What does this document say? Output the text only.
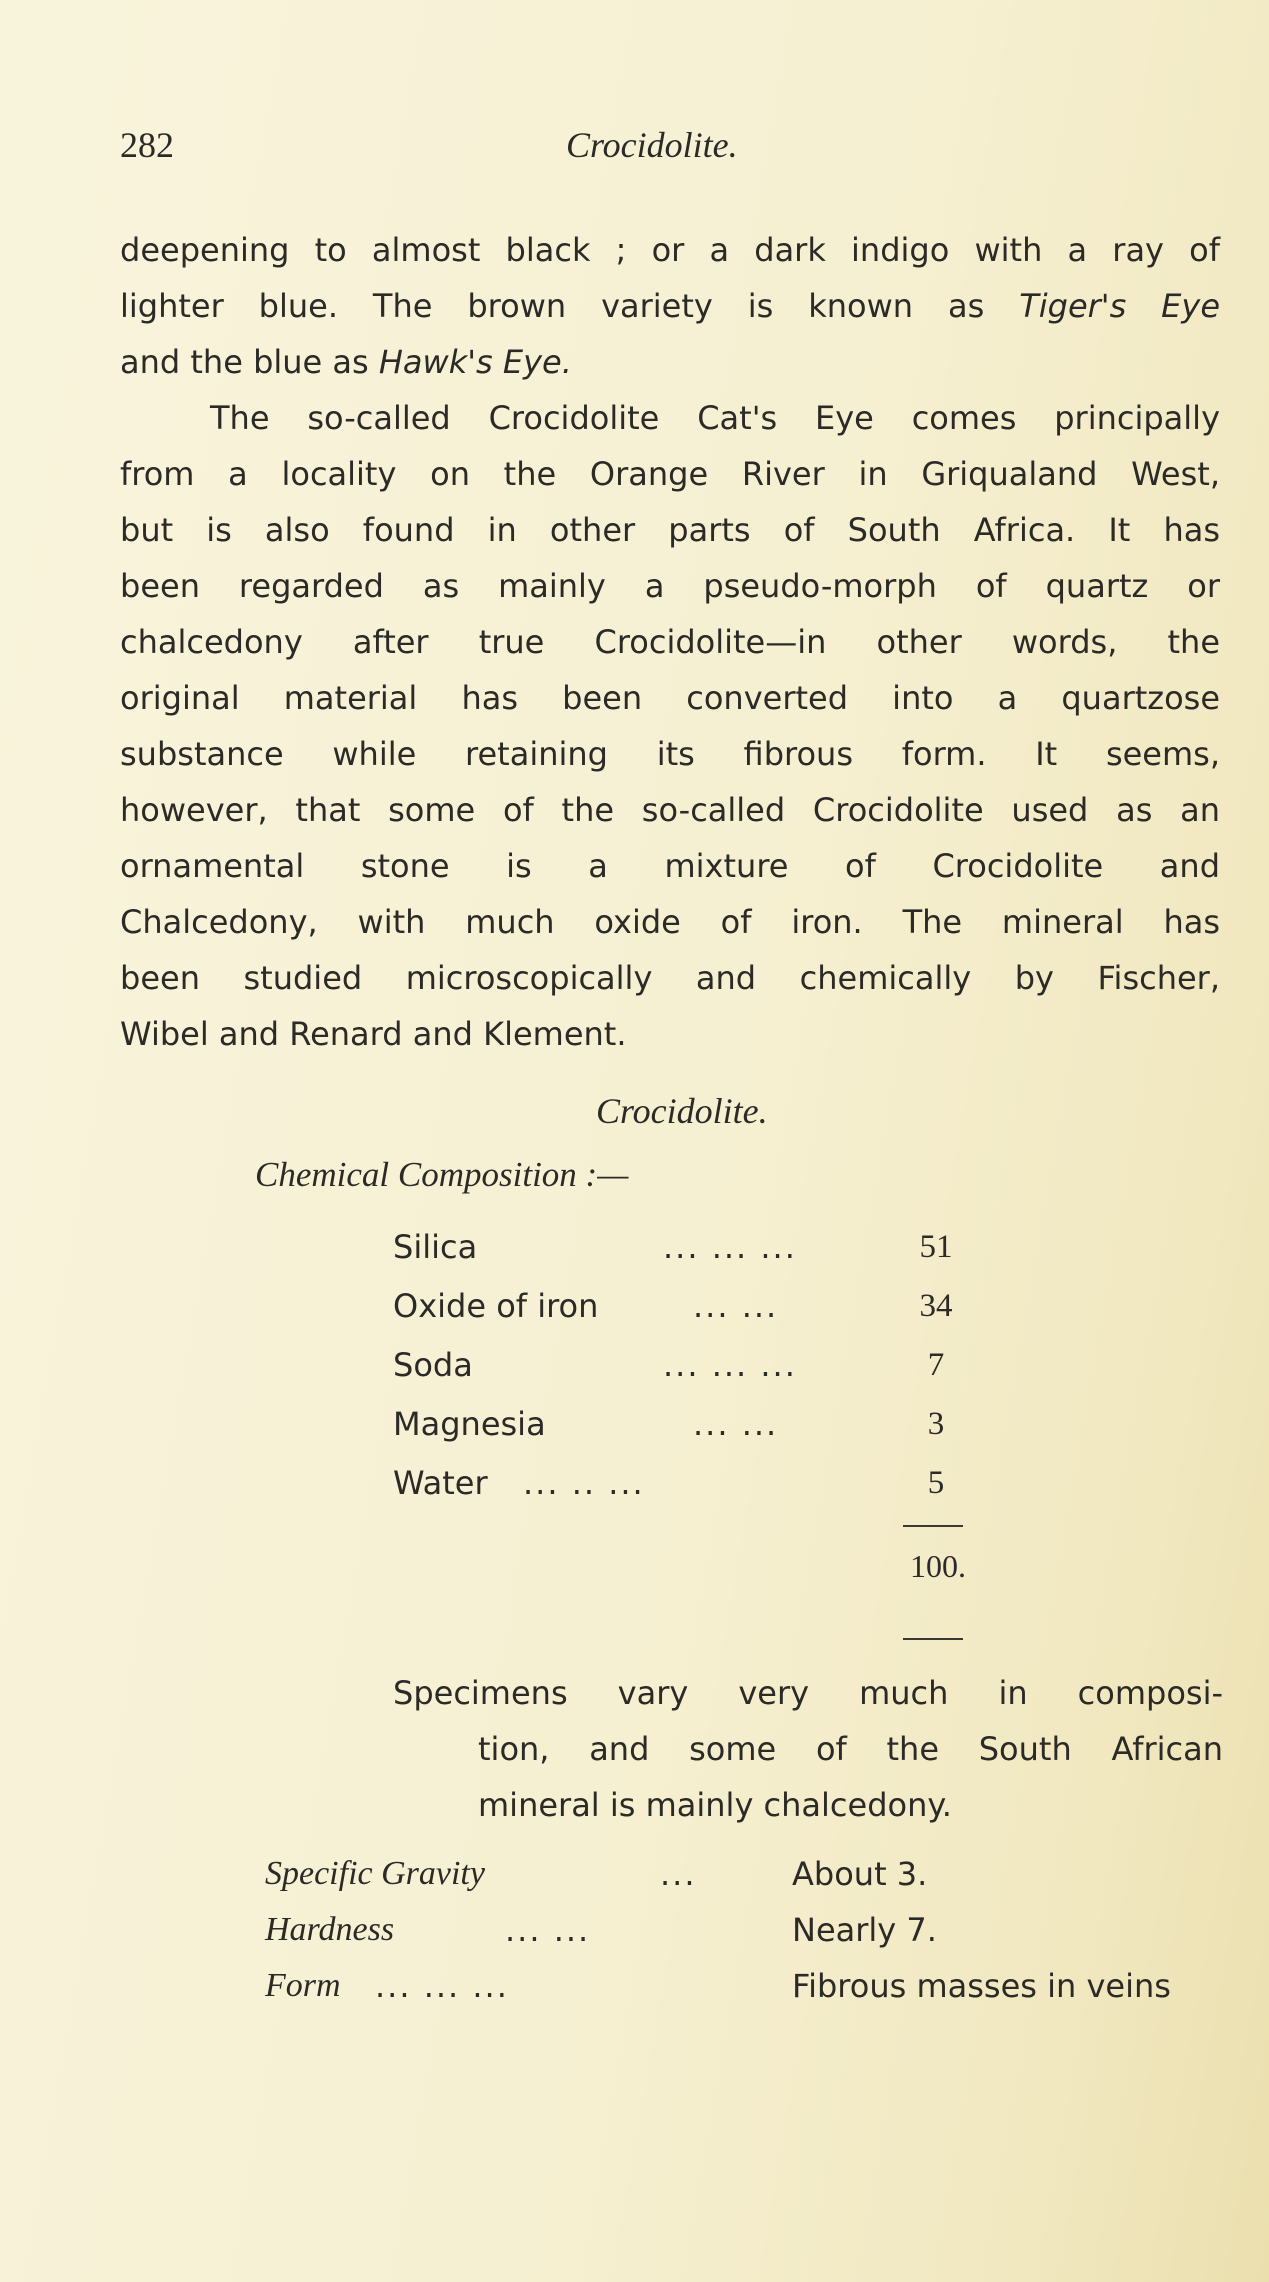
282	Crocidolite.
deepening to almost black ; or a dark indigo with a ray of
lighter blue. The brown variety is known as Tiger's Eye
and the blue as Hawk's Eye.
The so-called Crocidolite Cat's Eye comes principally
from a locality on the Orange River in Griqualand West,
but is also found in other parts of South Africa. It has
been regarded as mainly a pseudo-morph of quartz or
chalcedony after true Crocidolite—in other words, the
original material has been converted into a quartzose
substance while retaining its fibrous form. It seems,
however, that some of the so-called Crocidolite used as an
ornamental stone is a mixture of Crocidolite and
Chalcedony, with much oxide of iron. The mineral has
been studied microscopically and chemically by Fischer,
Wibel and Renard and Klement.
Crocidolite.
Chemical Composition :—
Silica	... ... ...	51
Oxide of iron	... ...	34
Soda	... ... ...	7
Magnesia	... ...	3
Water ... .. ...	5
100.
Specimens vary very much in composi-
tion, and some of the South African
mineral is mainly chalcedony.
Specific Gravity	...	About 3.
Hardness	... ...	Nearly 7.
Form ... ... ...	Fibrous masses in veins
